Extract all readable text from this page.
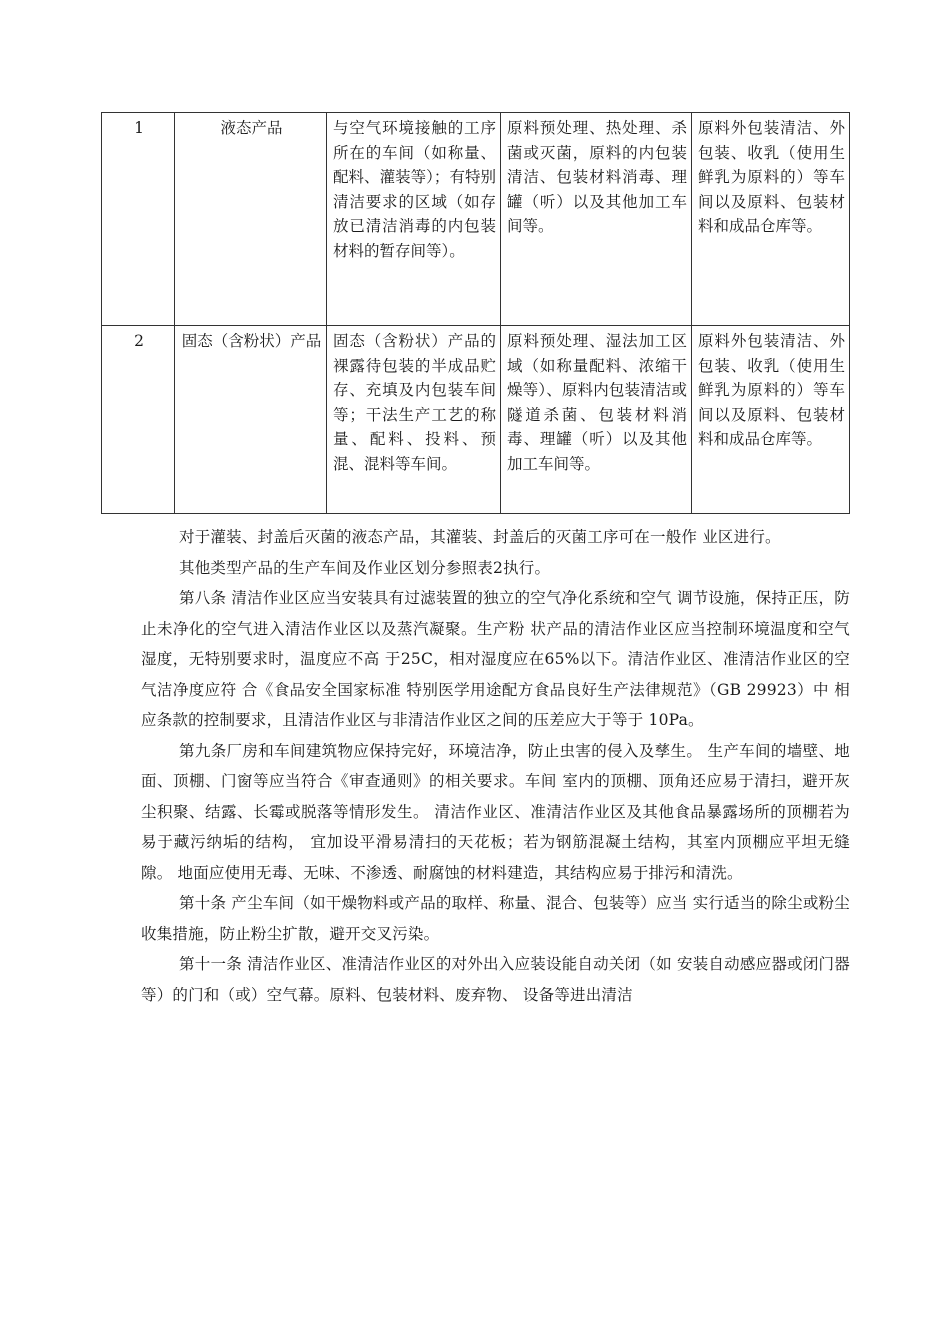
1	液态产品	与空气环境接触的工序所在的车间（如称量、配料、灌装等）；有特别清洁要求的区域（如存放已清洁消毒的内包装材料的暂存间等）。	原料预处理、热处理、杀菌或灭菌，原料的内包装清洁、包装材料消毒、理罐（听）以及其他加工车间等。	原料外包装清洁、外包装、收乳（使用生鲜乳为原料的）等车间以及原料、包装材料和成品仓库等。
2	固态（含粉状）产品	固态（含粉状）产品的裸露待包装的半成品贮存、充填及内包装车间等；干法生产工艺的称量、配料、投料、预混、混料等车间。	原料预处理、湿法加工区域（如称量配料、浓缩干燥等）、原料内包装清洁或隧道杀菌、包装材料消毒、理罐（听）以及其他加工车间等。	原料外包装清洁、外包装、收乳（使用生鲜乳为原料的）等车间以及原料、包装材料和成品仓库等。

对于灌装、封盖后灭菌的液态产品，其灌装、封盖后的灭菌工序可在一般作 业区进行。

其他类型产品的生产车间及作业区划分参照表2执行。

第八条 清洁作业区应当安装具有过滤装置的独立的空气净化系统和空气 调节设施，保持正压，防止未净化的空气进入清洁作业区以及蒸汽凝聚。生产粉 状产品的清洁作业区应当控制环境温度和空气湿度，无特别要求时，温度应不高 于25C，相对湿度应在65%以下。清洁作业区、准清洁作业区的空气洁净度应符 合《食品安全国家标准 特别医学用途配方食品良好生产法律规范》（GB 29923）中 相应条款的控制要求，且清洁作业区与非清洁作业区之间的压差应大于等于 10Pa。

第九条厂房和车间建筑物应保持完好，环境洁净，防止虫害的侵入及孳生。 生产车间的墙壁、地面、顶棚、门窗等应当符合《审查通则》的相关要求。车间 室内的顶棚、顶角还应易于清扫，避开灰尘积聚、结露、长霉或脱落等情形发生。 清洁作业区、准清洁作业区及其他食品暴露场所的顶棚若为易于藏污纳垢的结构， 宜加设平滑易清扫的天花板；若为钢筋混凝土结构，其室内顶棚应平坦无缝隙。 地面应使用无毒、无味、不渗透、耐腐蚀的材料建造，其结构应易于排污和清洗。

第十条 产尘车间（如干燥物料或产品的取样、称量、混合、包装等）应当 实行适当的除尘或粉尘收集措施，防止粉尘扩散，避开交叉污染。

第十一条 清洁作业区、准清洁作业区的对外出入应装设能自动关闭（如 安装自动感应器或闭门器等）的门和（或）空气幕。原料、包装材料、废弃物、 设备等进出清洁
